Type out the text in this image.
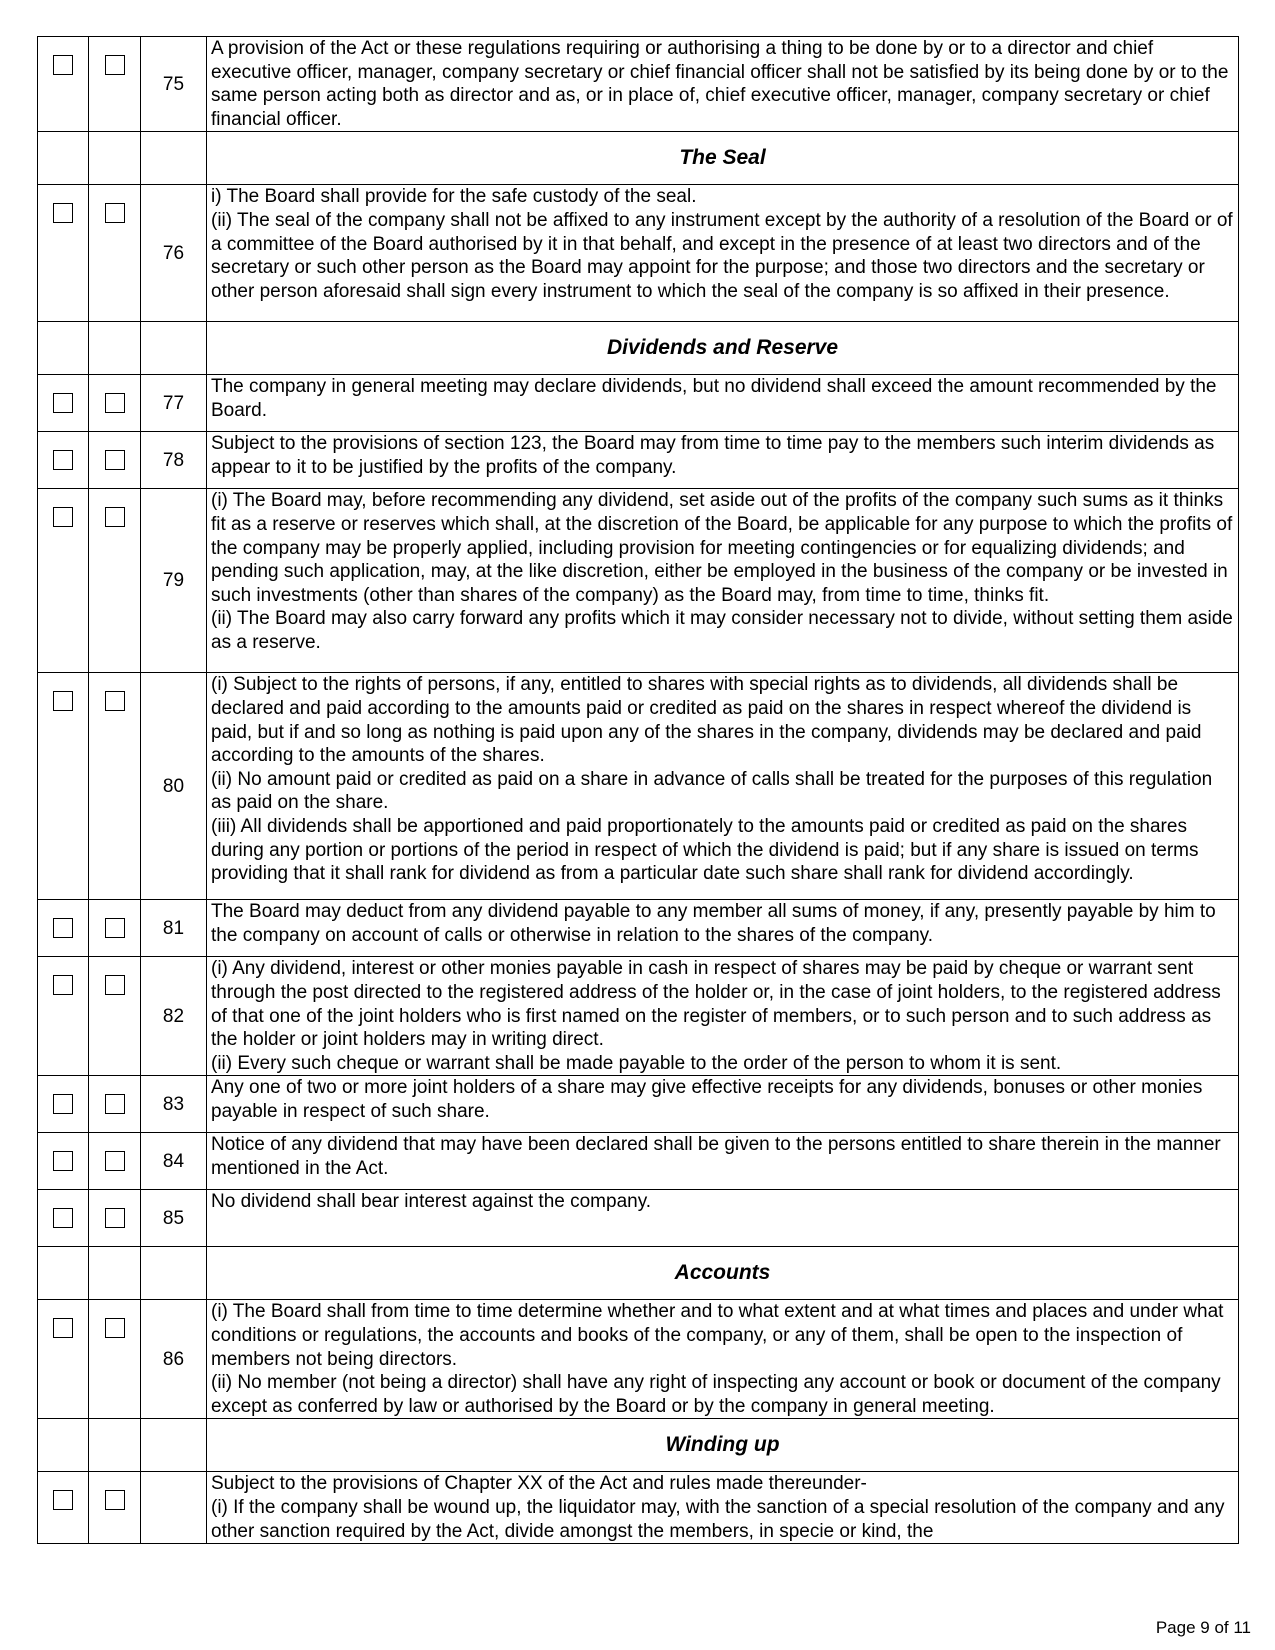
		75	A provision of the Act or these regulations requiring or authorising a thing to be done by or to a director and chief executive officer, manager, company secretary or chief financial officer shall not be satisfied by its being done by or to the same person acting both as director and as, or in place of, chief executive officer, manager, company secretary or chief financial officer.
			The Seal
		76	i) The Board shall provide for the safe custody of the seal.
(ii) The seal of the company shall not be affixed to any instrument except by the authority of a resolution of the Board or of a committee of the Board authorised by it in that behalf, and except in the presence of at least two directors and of the secretary or such other person as the Board may appoint for the purpose; and those two directors and the secretary or other person aforesaid shall sign every instrument to which the seal of the company is so affixed in their presence.
			Dividends and Reserve
		77	The company in general meeting may declare dividends, but no dividend shall exceed the amount recommended by the Board.
		78	Subject to the provisions of section 123, the Board may from time to time pay to the members such interim dividends as appear to it to be justified by the profits of the company.
		79	(i) The Board may, before recommending any dividend, set aside out of the profits of the company such sums as it thinks fit as a reserve or reserves which shall, at the discretion of the Board, be applicable for any purpose to which the profits of the company may be properly applied, including provision for meeting contingencies or for equalizing dividends; and pending such application, may, at the like discretion, either be employed in the business of the company or be invested in such investments (other than shares of the company) as the Board may, from time to time, thinks fit.
(ii) The Board may also carry forward any profits which it may consider necessary not to divide, without setting them aside as a reserve.
		80	(i) Subject to the rights of persons, if any, entitled to shares with special rights as to dividends, all dividends shall be declared and paid according to the amounts paid or credited as paid on the shares in respect whereof the dividend is paid, but if and so long as nothing is paid upon any of the shares in the company, dividends may be declared and paid according to the amounts of the shares.
(ii) No amount paid or credited as paid on a share in advance of calls shall be treated for the purposes of this regulation as paid on the share.
(iii) All dividends shall be apportioned and paid proportionately to the amounts paid or credited as paid on the shares during any portion or portions of the period in respect of which the dividend is paid; but if any share is issued on terms providing that it shall rank for dividend as from a particular date such share shall rank for dividend accordingly.
		81	The Board may deduct from any dividend payable to any member all sums of money, if any, presently payable by him to the company on account of calls or otherwise in relation to the shares of the company.
		82	(i) Any dividend, interest or other monies payable in cash in respect of shares may be paid by cheque or warrant sent through the post directed to the registered address of the holder or, in the case of joint holders, to the registered address of that one of the joint holders who is first named on the register of members, or to such person and to such address as the holder or joint holders may in writing direct.
(ii) Every such cheque or warrant shall be made payable to the order of the person to whom it is sent.
		83	Any one of two or more joint holders of a share may give effective receipts for any dividends, bonuses or other monies payable in respect of such share.
		84	Notice of any dividend that may have been declared shall be given to the persons entitled to share therein in the manner mentioned in the Act.
		85	No dividend shall bear interest against the company.
			Accounts
		86	(i) The Board shall from time to time determine whether and to what extent and at what times and places and under what conditions or regulations, the accounts and books of the company, or any of them, shall be open to the inspection of members not being directors.
(ii) No member (not being a director) shall have any right of inspecting any account or book or document of the company except as conferred by law or authorised by the Board or by the company in general meeting.
			Winding up
			Subject to the provisions of Chapter XX of the Act and rules made thereunder-
(i) If the company shall be wound up, the liquidator may, with the sanction of a special resolution of the company and any other sanction required by the Act, divide amongst the members, in specie or kind, the
Page 9 of 11
